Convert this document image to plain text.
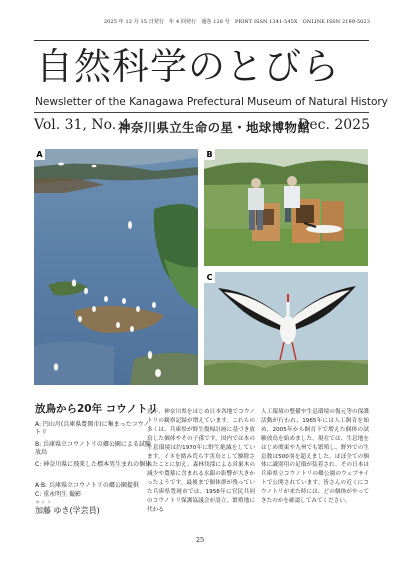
2025 年 12 月 15 日発行　年 4 回発行　通巻 128 号　PRINT ISSN 1341-545X　ONLINE ISSN 2189-5023
自然科学のとびら
Newsletter of the Kanagawa Prefectural Museum of Natural History
Vol. 31, No. 4
神奈川県立生命の星・地球博物館
Dec. 2025
A	B
C
放鳥から20年 コウノトリ
A: 円山川(兵庫県豊岡市)に集まったコウノトリ
B: 兵庫県立コウノトリの郷公園による試験放鳥
C: 神奈川県に飛来した標本男生まれの個体
A·B: 兵庫県立コウノトリの郷公園提供
C: 重永明生 撮影
かとう
加藤 ゆき(学芸員)
近年、神奈川県をはじめ日本各地でコウノトリの観察記録が増えています。これらの多くは、兵庫県が野生復帰計画に基づき放鳥した個体やその子孫です。国内では本の生息環境は約1970年に野生絶滅をしています。イネを踏み荒らす害鳥として駆除されたことに加え、森林伐採による営巣木の減少や農薬に含まれる水銀の影響が大きかったようです。最後まで個体群が残っていた兵庫県豊岡市では、1958年に官民共同のコウノトリ保護協議会が設立、繁殖地に代わる
人工環境の整備や生息環境の復元等の保護活動が行われ、1965年には人工飼育を始め、2005年から飼育下で増えた個体の試験放鳥を始めました。現在では、生息地をはじめ関東や九州でも繁殖し、野外での生息数は500羽を超えました。ほぼ全ての個体に識別用の足環が装着され、その日本は兵庫県立コウノトリの郷公園のウェブサイトで公開されています。皆さんの近くにコウノトリが来た時には、どの個体がやってきたのかを確認してみてください。
25
